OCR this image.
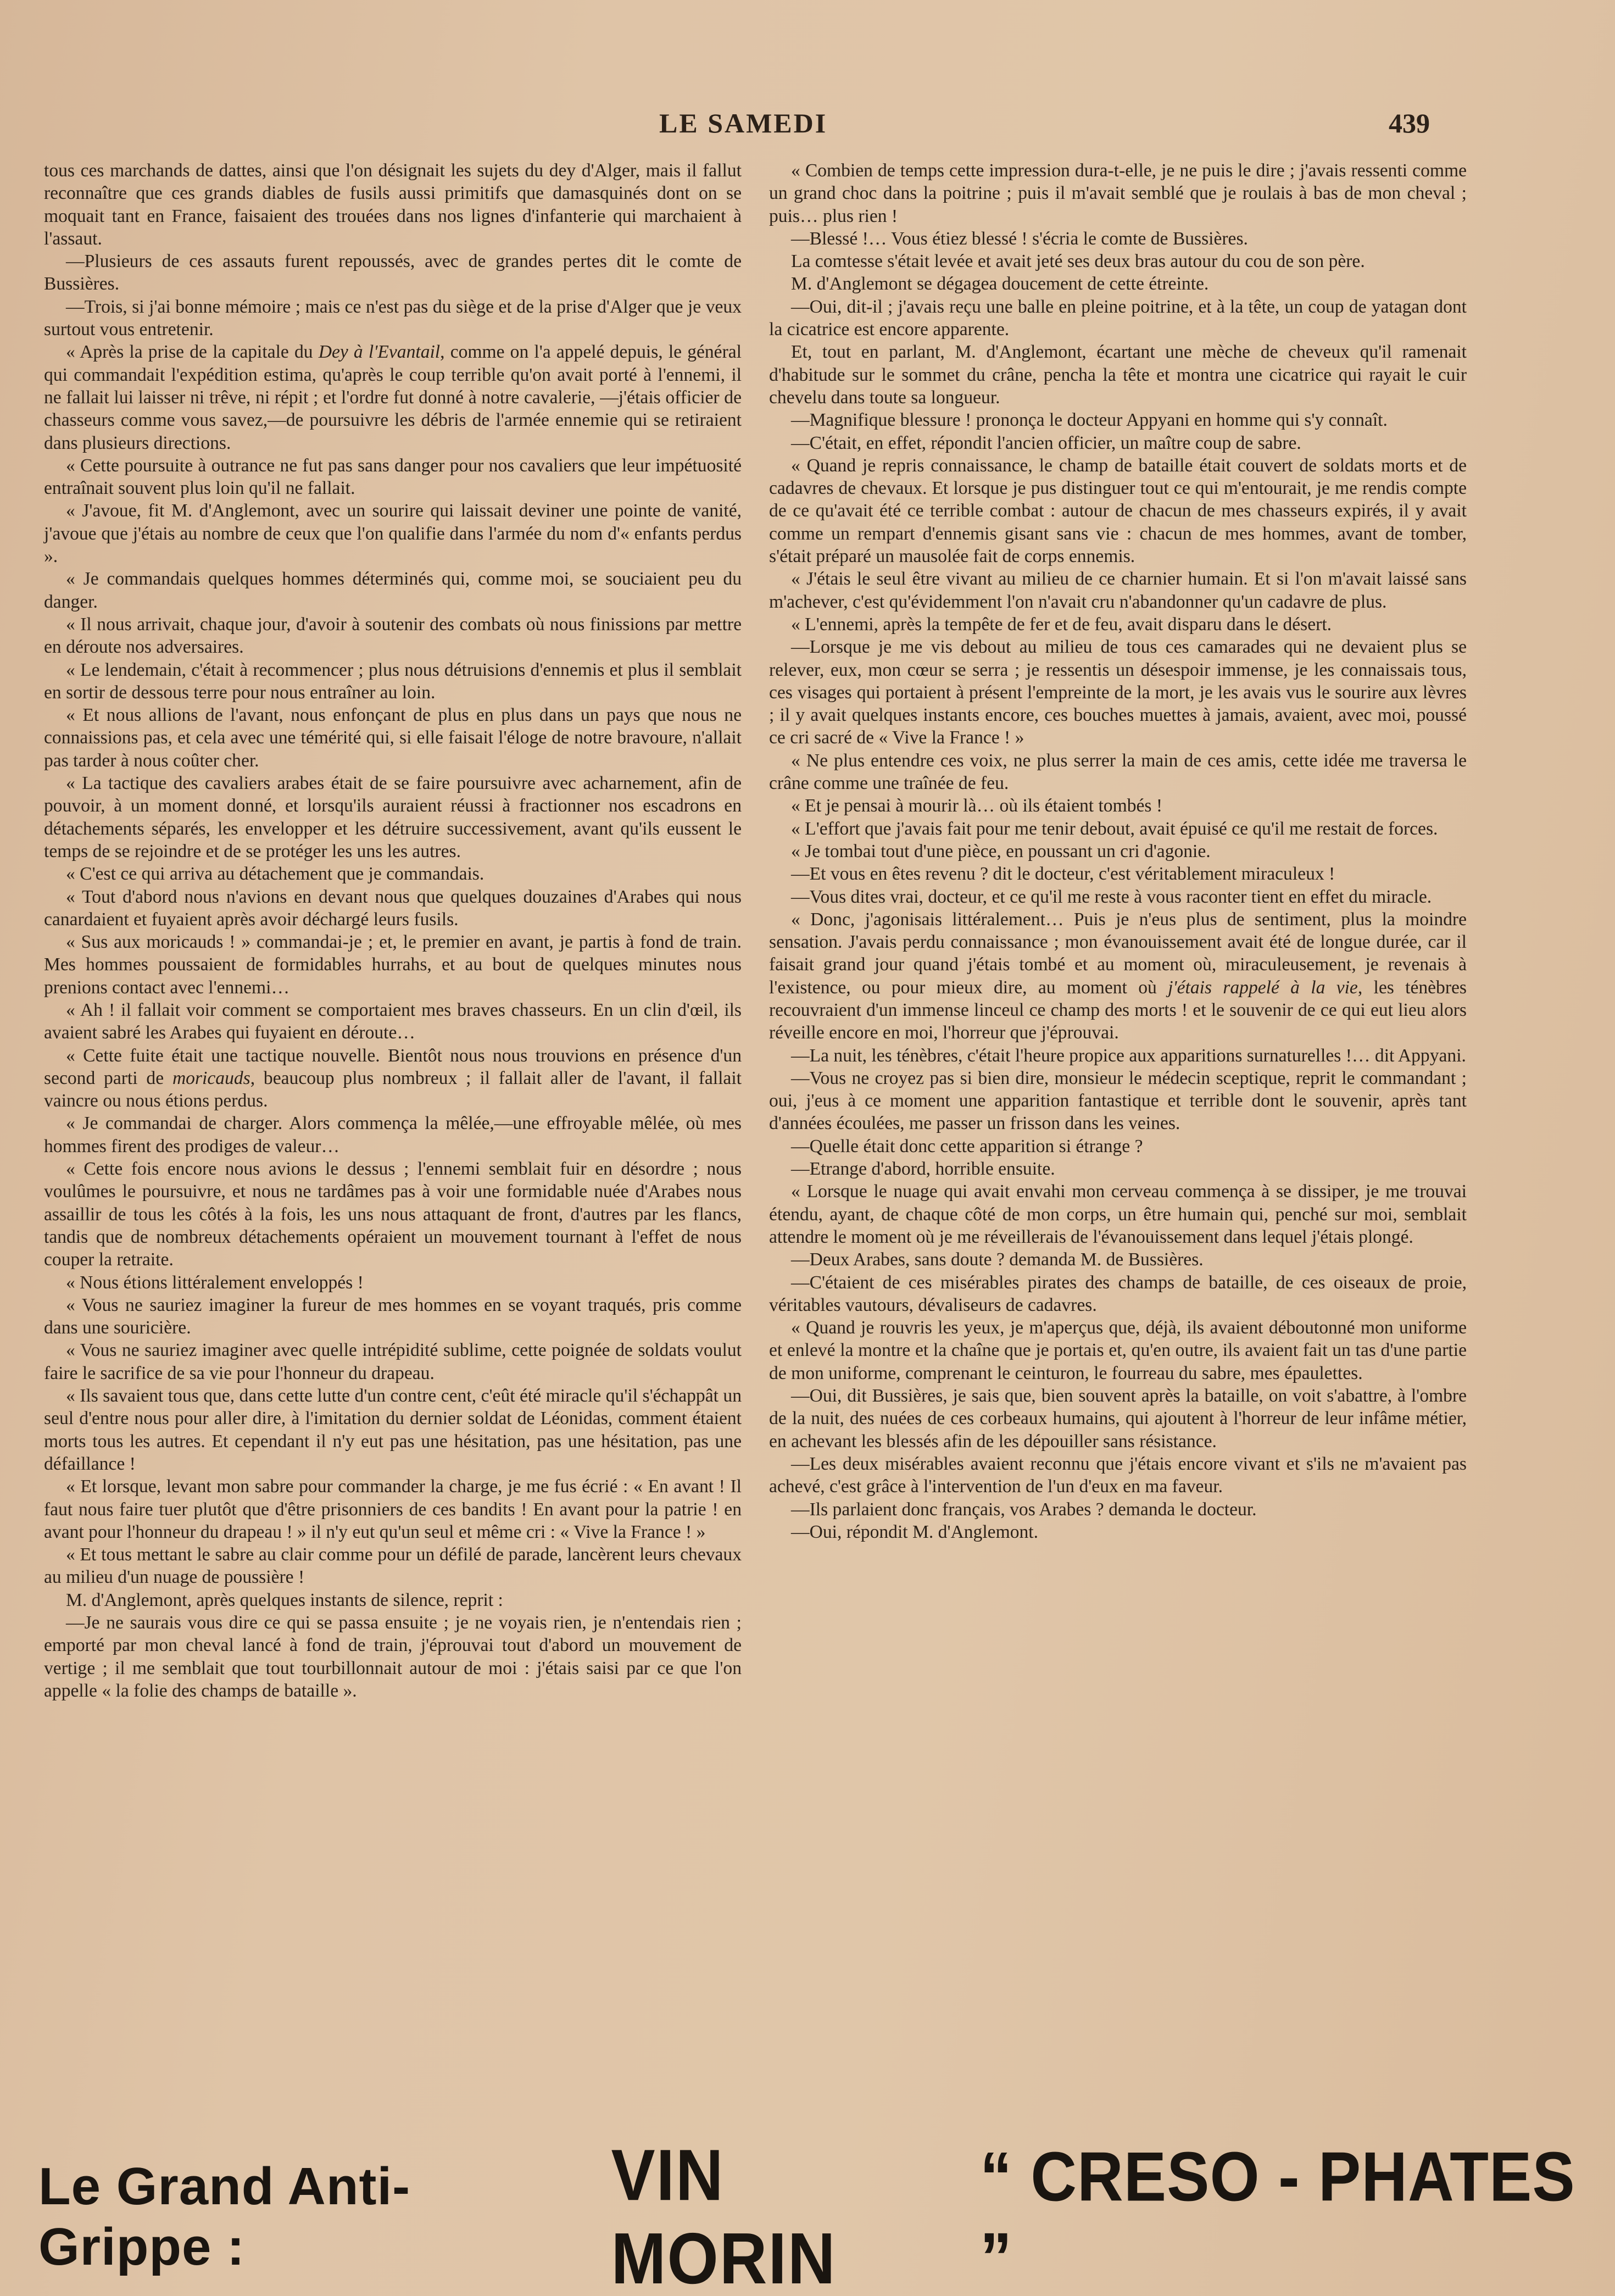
LE SAMEDI	439

tous ces marchands de dattes, ainsi que l'on désignait les sujets du dey d'Alger, mais il fallut reconnaître que ces grands diables de fusils aussi primitifs que damasquinés dont on se moquait tant en France, faisaient des trouées dans nos lignes d'infanterie qui marchaient à l'assaut.

—Plusieurs de ces assauts furent repoussés, avec de grandes pertes dit le comte de Bussières.

—Trois, si j'ai bonne mémoire ; mais ce n'est pas du siège et de la prise d'Alger que je veux surtout vous entretenir.

« Après la prise de la capitale du Dey à l'Evantail, comme on l'a appelé depuis, le général qui commandait l'expédition estima, qu'après le coup terrible qu'on avait porté à l'ennemi, il ne fallait lui laisser ni trêve, ni répit ; et l'ordre fut donné à notre cavalerie, —j'étais officier de chasseurs comme vous savez,—de poursuivre les débris de l'armée ennemie qui se retiraient dans plusieurs directions.

« Cette poursuite à outrance ne fut pas sans danger pour nos cavaliers que leur impétuosité entraînait souvent plus loin qu'il ne fallait.

« J'avoue, fit M. d'Anglemont, avec un sourire qui laissait deviner une pointe de vanité, j'avoue que j'étais au nombre de ceux que l'on qualifie dans l'armée du nom d'« enfants perdus ».

« Je commandais quelques hommes déterminés qui, comme moi, se souciaient peu du danger.

« Il nous arrivait, chaque jour, d'avoir à soutenir des combats où nous finissions par mettre en déroute nos adversaires.

« Le lendemain, c'était à recommencer ; plus nous détruisions d'ennemis et plus il semblait en sortir de dessous terre pour nous entraîner au loin.

« Et nous allions de l'avant, nous enfonçant de plus en plus dans un pays que nous ne connaissions pas, et cela avec une témérité qui, si elle faisait l'éloge de notre bravoure, n'allait pas tarder à nous coûter cher.

« La tactique des cavaliers arabes était de se faire poursuivre avec acharnement, afin de pouvoir, à un moment donné, et lorsqu'ils auraient réussi à fractionner nos escadrons en détachements séparés, les envelopper et les détruire successivement, avant qu'ils eussent le temps de se rejoindre et de se protéger les uns les autres.

« C'est ce qui arriva au détachement que je commandais.

« Tout d'abord nous n'avions en devant nous que quelques douzaines d'Arabes qui nous canardaient et fuyaient après avoir déchargé leurs fusils.

« Sus aux moricauds ! » commandai-je ; et, le premier en avant, je partis à fond de train. Mes hommes poussaient de formidables hurrahs, et au bout de quelques minutes nous prenions contact avec l'ennemi…

« Ah ! il fallait voir comment se comportaient mes braves chasseurs. En un clin d'œil, ils avaient sabré les Arabes qui fuyaient en déroute…

« Cette fuite était une tactique nouvelle. Bientôt nous nous trouvions en présence d'un second parti de moricauds, beaucoup plus nombreux ; il fallait aller de l'avant, il fallait vaincre ou nous étions perdus.

« Je commandai de charger. Alors commença la mêlée,—une effroyable mêlée, où mes hommes firent des prodiges de valeur…

« Cette fois encore nous avions le dessus ; l'ennemi semblait fuir en désordre ; nous voulûmes le poursuivre, et nous ne tardâmes pas à voir une formidable nuée d'Arabes nous assaillir de tous les côtés à la fois, les uns nous attaquant de front, d'autres par les flancs, tandis que de nombreux détachements opéraient un mouvement tournant à l'effet de nous couper la retraite.

« Nous étions littéralement enveloppés !

« Vous ne sauriez imaginer la fureur de mes hommes en se voyant traqués, pris comme dans une souricière.

« Vous ne sauriez imaginer avec quelle intrépidité sublime, cette poignée de soldats voulut faire le sacrifice de sa vie pour l'honneur du drapeau.

« Ils savaient tous que, dans cette lutte d'un contre cent, c'eût été miracle qu'il s'échappât un seul d'entre nous pour aller dire, à l'imitation du dernier soldat de Léonidas, comment étaient morts tous les autres. Et cependant il n'y eut pas une hésitation, pas une hésitation, pas une défaillance !

« Et lorsque, levant mon sabre pour commander la charge, je me fus écrié : « En avant ! Il faut nous faire tuer plutôt que d'être prisonniers de ces bandits ! En avant pour la patrie ! en avant pour l'honneur du drapeau ! » il n'y eut qu'un seul et même cri : « Vive la France ! »

« Et tous mettant le sabre au clair comme pour un défilé de parade, lancèrent leurs chevaux au milieu d'un nuage de poussière !

M. d'Anglemont, après quelques instants de silence, reprit :

—Je ne saurais vous dire ce qui se passa ensuite ; je ne voyais rien, je n'entendais rien ; emporté par mon cheval lancé à fond de train, j'éprouvai tout d'abord un mouvement de vertige ; il me semblait que tout tourbillonnait autour de moi : j'étais saisi par ce que l'on appelle « la folie des champs de bataille ».

« Combien de temps cette impression dura-t-elle, je ne puis le dire ; j'avais ressenti comme un grand choc dans la poitrine ; puis il m'avait semblé que je roulais à bas de mon cheval ; puis… plus rien !

—Blessé !… Vous étiez blessé ! s'écria le comte de Bussières.

La comtesse s'était levée et avait jeté ses deux bras autour du cou de son père.

M. d'Anglemont se dégagea doucement de cette étreinte.

—Oui, dit-il ; j'avais reçu une balle en pleine poitrine, et à la tête, un coup de yatagan dont la cicatrice est encore apparente.

Et, tout en parlant, M. d'Anglemont, écartant une mèche de cheveux qu'il ramenait d'habitude sur le sommet du crâne, pencha la tête et montra une cicatrice qui rayait le cuir chevelu dans toute sa longueur.

—Magnifique blessure ! prononça le docteur Appyani en homme qui s'y connaît.

—C'était, en effet, répondit l'ancien officier, un maître coup de sabre.

« Quand je repris connaissance, le champ de bataille était couvert de soldats morts et de cadavres de chevaux. Et lorsque je pus distinguer tout ce qui m'entourait, je me rendis compte de ce qu'avait été ce terrible combat : autour de chacun de mes chasseurs expirés, il y avait comme un rempart d'ennemis gisant sans vie : chacun de mes hommes, avant de tomber, s'était préparé un mausolée fait de corps ennemis.

« J'étais le seul être vivant au milieu de ce charnier humain. Et si l'on m'avait laissé sans m'achever, c'est qu'évidemment l'on n'avait cru n'abandonner qu'un cadavre de plus.

« L'ennemi, après la tempête de fer et de feu, avait disparu dans le désert.

—Lorsque je me vis debout au milieu de tous ces camarades qui ne devaient plus se relever, eux, mon cœur se serra ; je ressentis un désespoir immense, je les connaissais tous, ces visages qui portaient à présent l'empreinte de la mort, je les avais vus le sourire aux lèvres ; il y avait quelques instants encore, ces bouches muettes à jamais, avaient, avec moi, poussé ce cri sacré de « Vive la France ! »

« Ne plus entendre ces voix, ne plus serrer la main de ces amis, cette idée me traversa le crâne comme une traînée de feu.

« Et je pensai à mourir là… où ils étaient tombés !

« L'effort que j'avais fait pour me tenir debout, avait épuisé ce qu'il me restait de forces.

« Je tombai tout d'une pièce, en poussant un cri d'agonie.

—Et vous en êtes revenu ? dit le docteur, c'est véritablement miraculeux !

—Vous dites vrai, docteur, et ce qu'il me reste à vous raconter tient en effet du miracle.

« Donc, j'agonisais littéralement… Puis je n'eus plus de sentiment, plus la moindre sensation. J'avais perdu connaissance ; mon évanouissement avait été de longue durée, car il faisait grand jour quand j'étais tombé et au moment où, miraculeusement, je revenais à l'existence, ou pour mieux dire, au moment où j'étais rappelé à la vie, les ténèbres recouvraient d'un immense linceul ce champ des morts ! et le souvenir de ce qui eut lieu alors réveille encore en moi, l'horreur que j'éprouvai.

—La nuit, les ténèbres, c'était l'heure propice aux apparitions surnaturelles !… dit Appyani.

—Vous ne croyez pas si bien dire, monsieur le médecin sceptique, reprit le commandant ; oui, j'eus à ce moment une apparition fantastique et terrible dont le souvenir, après tant d'années écoulées, me passer un frisson dans les veines.

—Quelle était donc cette apparition si étrange ?

—Etrange d'abord, horrible ensuite.

« Lorsque le nuage qui avait envahi mon cerveau commença à se dissiper, je me trouvai étendu, ayant, de chaque côté de mon corps, un être humain qui, penché sur moi, semblait attendre le moment où je me réveillerais de l'évanouissement dans lequel j'étais plongé.

—Deux Arabes, sans doute ? demanda M. de Bussières.

—C'étaient de ces misérables pirates des champs de bataille, de ces oiseaux de proie, véritables vautours, dévaliseurs de cadavres.

« Quand je rouvris les yeux, je m'aperçus que, déjà, ils avaient déboutonné mon uniforme et enlevé la montre et la chaîne que je portais et, qu'en outre, ils avaient fait un tas d'une partie de mon uniforme, comprenant le ceinturon, le fourreau du sabre, mes épaulettes.

—Oui, dit Bussières, je sais que, bien souvent après la bataille, on voit s'abattre, à l'ombre de la nuit, des nuées de ces corbeaux humains, qui ajoutent à l'horreur de leur infâme métier, en achevant les blessés afin de les dépouiller sans résistance.

—Les deux misérables avaient reconnu que j'étais encore vivant et s'ils ne m'avaient pas achevé, c'est grâce à l'intervention de l'un d'eux en ma faveur.

—Ils parlaient donc français, vos Arabes ? demanda le docteur.

—Oui, répondit M. d'Anglemont.

Le Grand Anti-Grippe :
VIN MORIN
“ CRESO - PHATES ”
